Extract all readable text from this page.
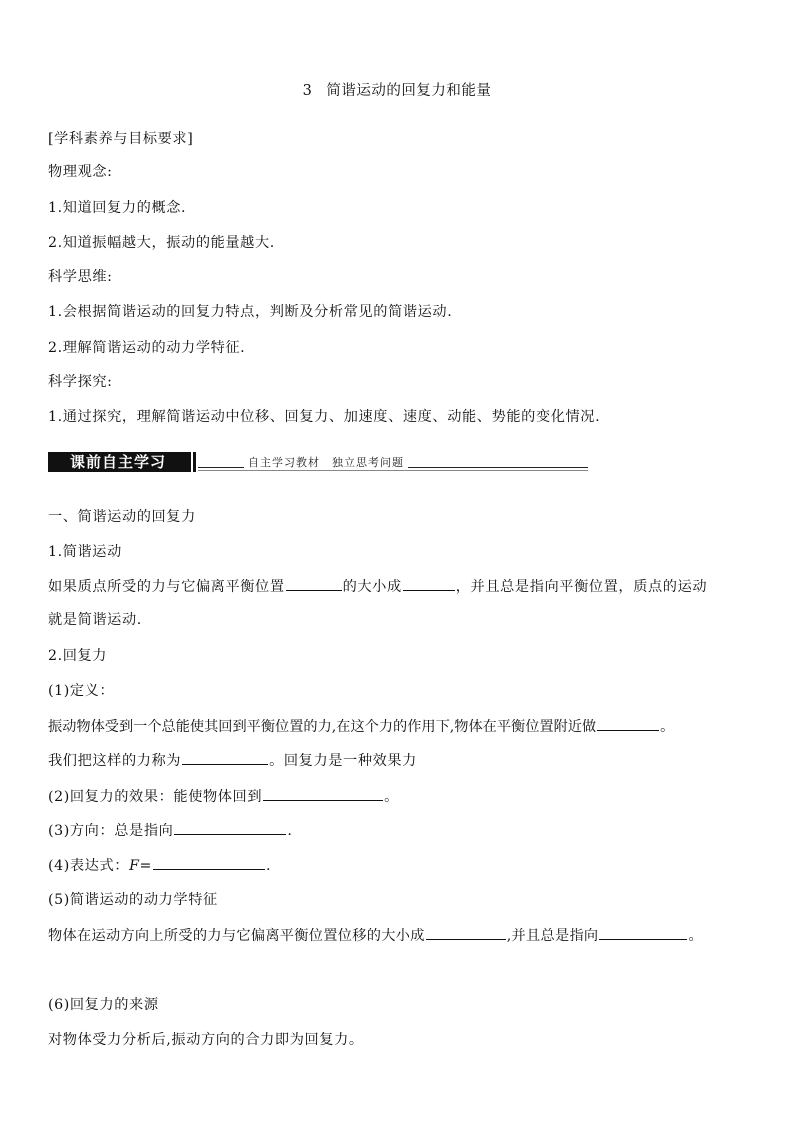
3 简谐运动的回复力和能量
[学科素养与目标要求]
物理观念:
1.知道回复力的概念.
2.知道振幅越大，振动的能量越大.
科学思维:
1.会根据简谐运动的回复力特点，判断及分析常见的简谐运动.
2.理解简谐运动的动力学特征.
科学探究:
1.通过探究，理解简谐运动中位移、回复力、加速度、速度、动能、势能的变化情况.
课前自主学习	自主学习教材　独立思考问题
一、简谐运动的回复力
1.简谐运动
如果质点所受的力与它偏离平衡位置	的大小成	，并且总是指向平衡位置，质点的运动
就是简谐运动.
2.回复力
(1)定义：
振动物体受到一个总能使其回到平衡位置的力,在这个力的作用下,物体在平衡位置附近做	。
我们把这样的力称为	。回复力是一种效果力
(2)回复力的效果：能使物体回到	。
(3)方向：总是指向	.
(4)表达式：F=	.
(5)简谐运动的动力学特征
物体在运动方向上所受的力与它偏离平衡位置位移的大小成	,并且总是指向	。
(6)回复力的来源
对物体受力分析后,振动方向的合力即为回复力。
